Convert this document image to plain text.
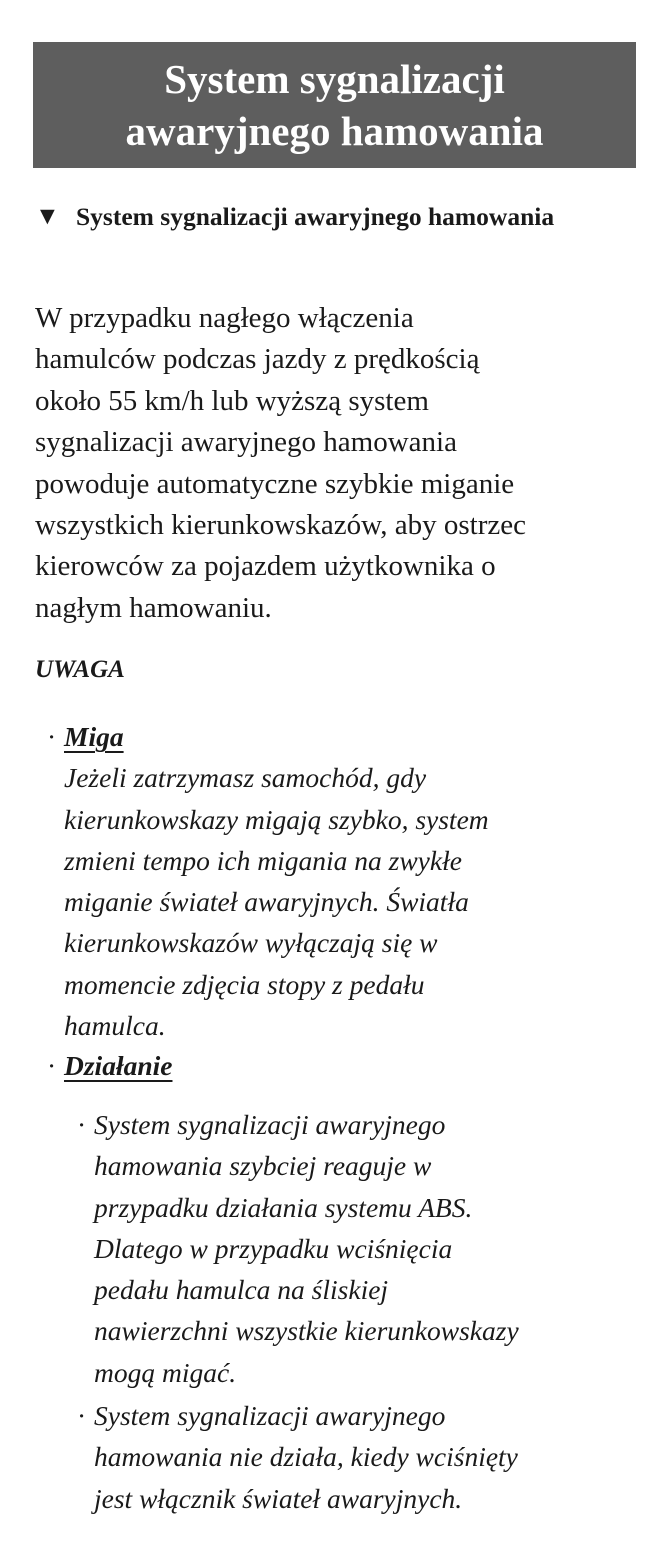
System sygnalizacji
awaryjnego hamowania
▼ System sygnalizacji awaryjnego hamowania
W przypadku nagłego włączenia
hamulców podczas jazdy z prędkością
około 55 km/h lub wyższą system
sygnalizacji awaryjnego hamowania
powoduje automatyczne szybkie miganie
wszystkich kierunkowskazów, aby ostrzec
kierowców za pojazdem użytkownika o
nagłym hamowaniu.
UWAGA
· Miga
Jeżeli zatrzymasz samochód, gdy
kierunkowskazy migają szybko, system
zmieni tempo ich migania na zwykłe
miganie świateł awaryjnych. Światła
kierunkowskazów wyłączają się w
momencie zdjęcia stopy z pedału
hamulca.
· Działanie
· System sygnalizacji awaryjnego
hamowania szybciej reaguje w
przypadku działania systemu ABS.
Dlatego w przypadku wciśnięcia
pedału hamulca na śliskiej
nawierzchni wszystkie kierunkowskazy
mogą migać.
· System sygnalizacji awaryjnego
hamowania nie działa, kiedy wciśnięty
jest włącznik świateł awaryjnych.
